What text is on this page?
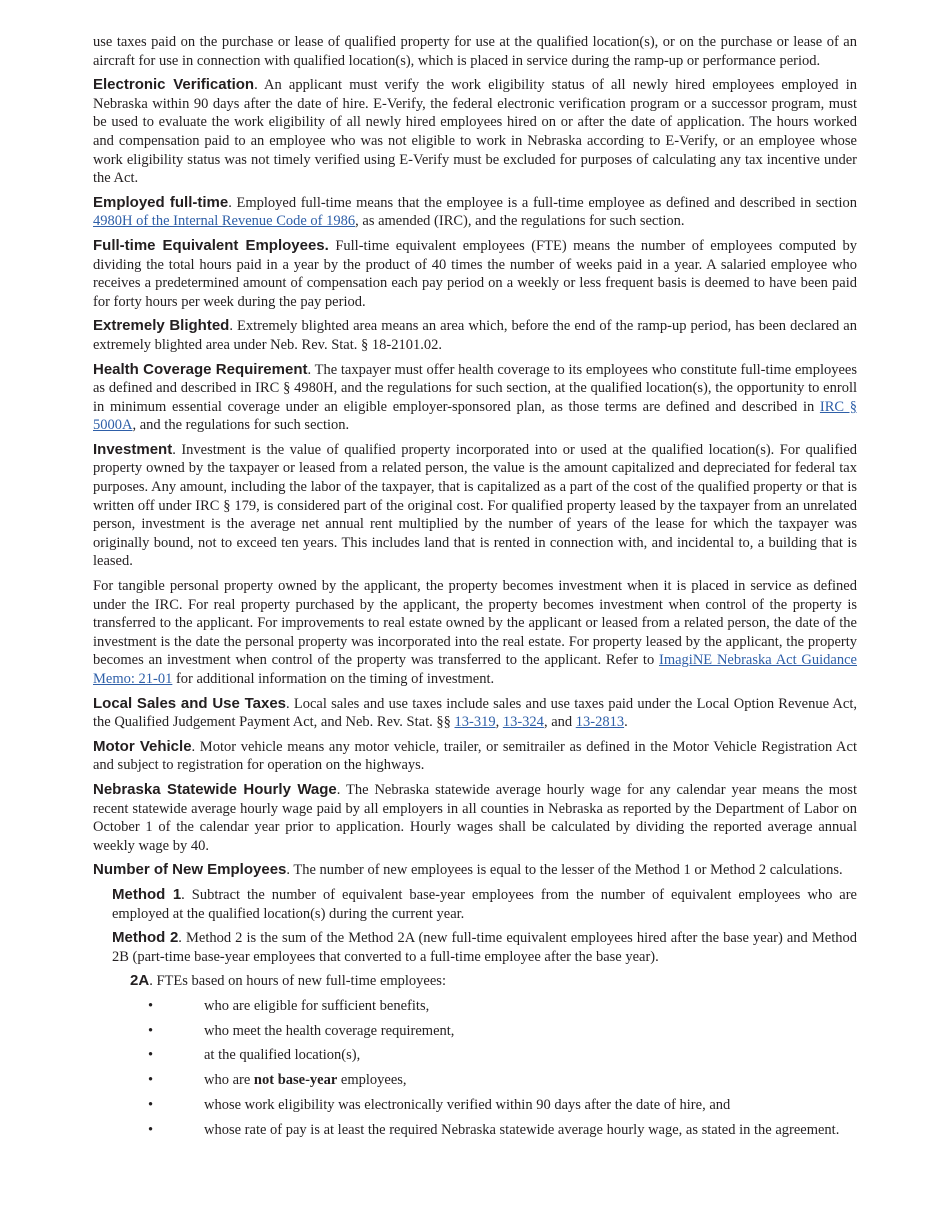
use taxes paid on the purchase or lease of qualified property for use at the qualified location(s), or on the purchase or lease of an aircraft for use in connection with qualified location(s), which is placed in service during the ramp-up or performance period.

Electronic Verification. An applicant must verify the work eligibility status of all newly hired employees employed in Nebraska within 90 days after the date of hire. E-Verify, the federal electronic verification program or a successor program, must be used to evaluate the work eligibility of all newly hired employees hired on or after the date of application. The hours worked and compensation paid to an employee who was not eligible to work in Nebraska according to E-Verify, or an employee whose work eligibility status was not timely verified using E-Verify must be excluded for purposes of calculating any tax incentive under the Act.

Employed full-time. Employed full-time means that the employee is a full-time employee as defined and described in section 4980H of the Internal Revenue Code of 1986, as amended (IRC), and the regulations for such section.

Full-time Equivalent Employees. Full-time equivalent employees (FTE) means the number of employees computed by dividing the total hours paid in a year by the product of 40 times the number of weeks paid in a year. A salaried employee who receives a predetermined amount of compensation each pay period on a weekly or less frequent basis is deemed to have been paid for forty hours per week during the pay period.

Extremely Blighted. Extremely blighted area means an area which, before the end of the ramp-up period, has been declared an extremely blighted area under Neb. Rev. Stat. § 18-2101.02.

Health Coverage Requirement. The taxpayer must offer health coverage to its employees who constitute full-time employees as defined and described in IRC § 4980H, and the regulations for such section, at the qualified location(s), the opportunity to enroll in minimum essential coverage under an eligible employer-sponsored plan, as those terms are defined and described in IRC § 5000A, and the regulations for such section.

Investment. Investment is the value of qualified property incorporated into or used at the qualified location(s). For qualified property owned by the taxpayer or leased from a related person, the value is the amount capitalized and depreciated for federal tax purposes. Any amount, including the labor of the taxpayer, that is capitalized as a part of the cost of the qualified property or that is written off under IRC § 179, is considered part of the original cost. For qualified property leased by the taxpayer from an unrelated person, investment is the average net annual rent multiplied by the number of years of the lease for which the taxpayer was originally bound, not to exceed ten years. This includes land that is rented in connection with, and incidental to, a building that is leased.

For tangible personal property owned by the applicant, the property becomes investment when it is placed in service as defined under the IRC. For real property purchased by the applicant, the property becomes investment when control of the property is transferred to the applicant. For improvements to real estate owned by the applicant or leased from a related person, the date of the investment is the date the personal property was incorporated into the real estate. For property leased by the applicant, the property becomes an investment when control of the property was transferred to the applicant. Refer to ImagiNE Nebraska Act Guidance Memo: 21-01 for additional information on the timing of investment.

Local Sales and Use Taxes. Local sales and use taxes include sales and use taxes paid under the Local Option Revenue Act, the Qualified Judgement Payment Act, and Neb. Rev. Stat. §§ 13-319, 13-324, and 13-2813.

Motor Vehicle. Motor vehicle means any motor vehicle, trailer, or semitrailer as defined in the Motor Vehicle Registration Act and subject to registration for operation on the highways.

Nebraska Statewide Hourly Wage. The Nebraska statewide average hourly wage for any calendar year means the most recent statewide average hourly wage paid by all employers in all counties in Nebraska as reported by the Department of Labor on October 1 of the calendar year prior to application. Hourly wages shall be calculated by dividing the reported average annual weekly wage by 40.

Number of New Employees. The number of new employees is equal to the lesser of the Method 1 or Method 2 calculations.

Method 1. Subtract the number of equivalent base-year employees from the number of equivalent employees who are employed at the qualified location(s) during the current year.

Method 2. Method 2 is the sum of the Method 2A (new full-time equivalent employees hired after the base year) and Method 2B (part-time base-year employees that converted to a full-time employee after the base year).

2A. FTEs based on hours of new full-time employees:

•	who are eligible for sufficient benefits,
•	who meet the health coverage requirement,
•	at the qualified location(s),
•	who are not base-year employees,
•	whose work eligibility was electronically verified within 90 days after the date of hire, and
•	whose rate of pay is at least the required Nebraska statewide average hourly wage, as stated in the agreement.
